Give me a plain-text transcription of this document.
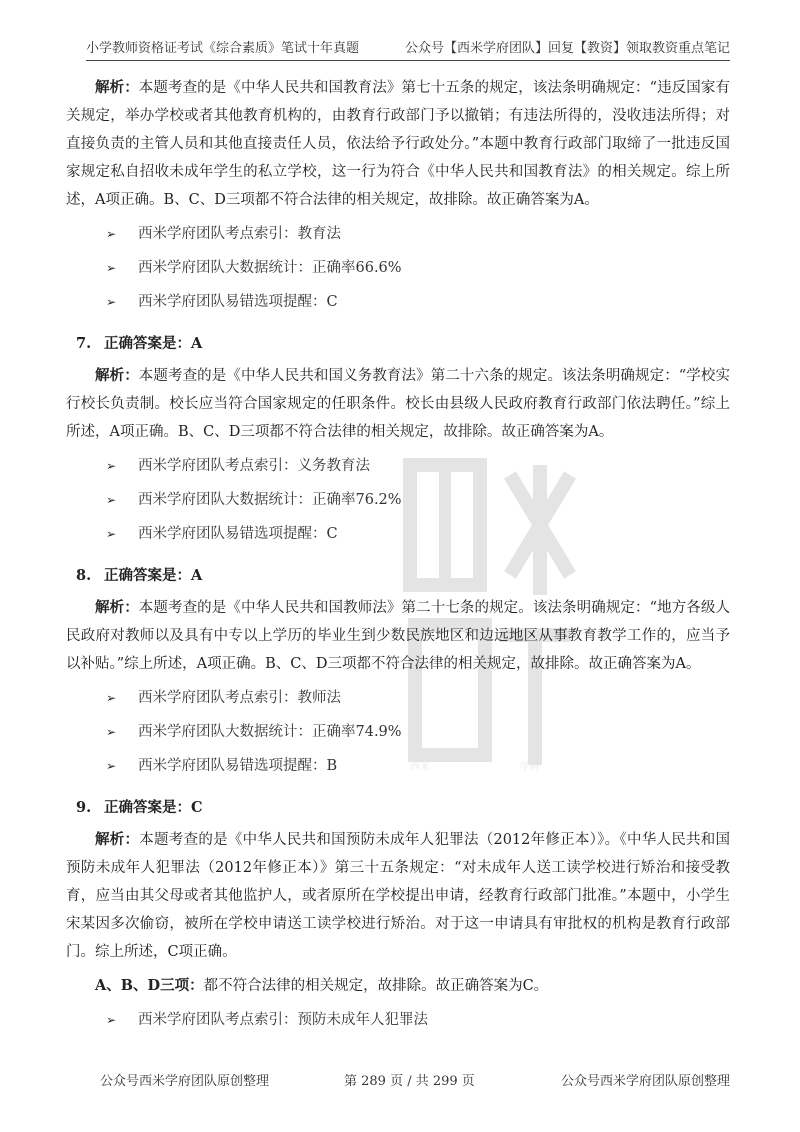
小学教师资格证考试《综合素质》笔试十年真题	公众号【西米学府团队】回复【教资】领取教资重点笔记
西米	学府

解析：本题考查的是《中华人民共和国教育法》第七十五条的规定，该法条明确规定：“违反国家有关规定，举办学校或者其他教育机构的，由教育行政部门予以撤销；有违法所得的，没收违法所得；对直接负责的主管人员和其他直接责任人员，依法给予行政处分。”本题中教育行政部门取缔了一批违反国家规定私自招收未成年学生的私立学校，这一行为符合《中华人民共和国教育法》的相关规定。综上所述，A项正确。B、C、D三项都不符合法律的相关规定，故排除。故正确答案为A。

➢ 西米学府团队考点索引：教育法
➢ 西米学府团队大数据统计：正确率66.6%
➢ 西米学府团队易错选项提醒：C
7. 正确答案是：A

解析：本题考查的是《中华人民共和国义务教育法》第二十六条的规定。该法条明确规定：“学校实行校长负责制。校长应当符合国家规定的任职条件。校长由县级人民政府教育行政部门依法聘任。”综上所述，A项正确。B、C、D三项都不符合法律的相关规定，故排除。故正确答案为A。

➢ 西米学府团队考点索引：义务教育法
➢ 西米学府团队大数据统计：正确率76.2%
➢ 西米学府团队易错选项提醒：C
8. 正确答案是：A

解析：本题考查的是《中华人民共和国教师法》第二十七条的规定。该法条明确规定：“地方各级人民政府对教师以及具有中专以上学历的毕业生到少数民族地区和边远地区从事教育教学工作的，应当予以补贴。”综上所述，A项正确。B、C、D三项都不符合法律的相关规定，故排除。故正确答案为A。

➢ 西米学府团队考点索引：教师法
➢ 西米学府团队大数据统计：正确率74.9%
➢ 西米学府团队易错选项提醒：B
9. 正确答案是：C

解析：本题考查的是《中华人民共和国预防未成年人犯罪法（2012年修正本）》。《中华人民共和国预防未成年人犯罪法（2012年修正本）》第三十五条规定：“对未成年人送工读学校进行矫治和接受教育，应当由其父母或者其他监护人，或者原所在学校提出申请，经教育行政部门批准。”本题中，小学生宋某因多次偷窃，被所在学校申请送工读学校进行矫治。对于这一申请具有审批权的机构是教育行政部门。综上所述，C项正确。

A、B、D三项：都不符合法律的相关规定，故排除。故正确答案为C。

➢ 西米学府团队考点索引：预防未成年人犯罪法
公众号西米学府团队原创整理	第 289 页 / 共 299 页	公众号西米学府团队原创整理
